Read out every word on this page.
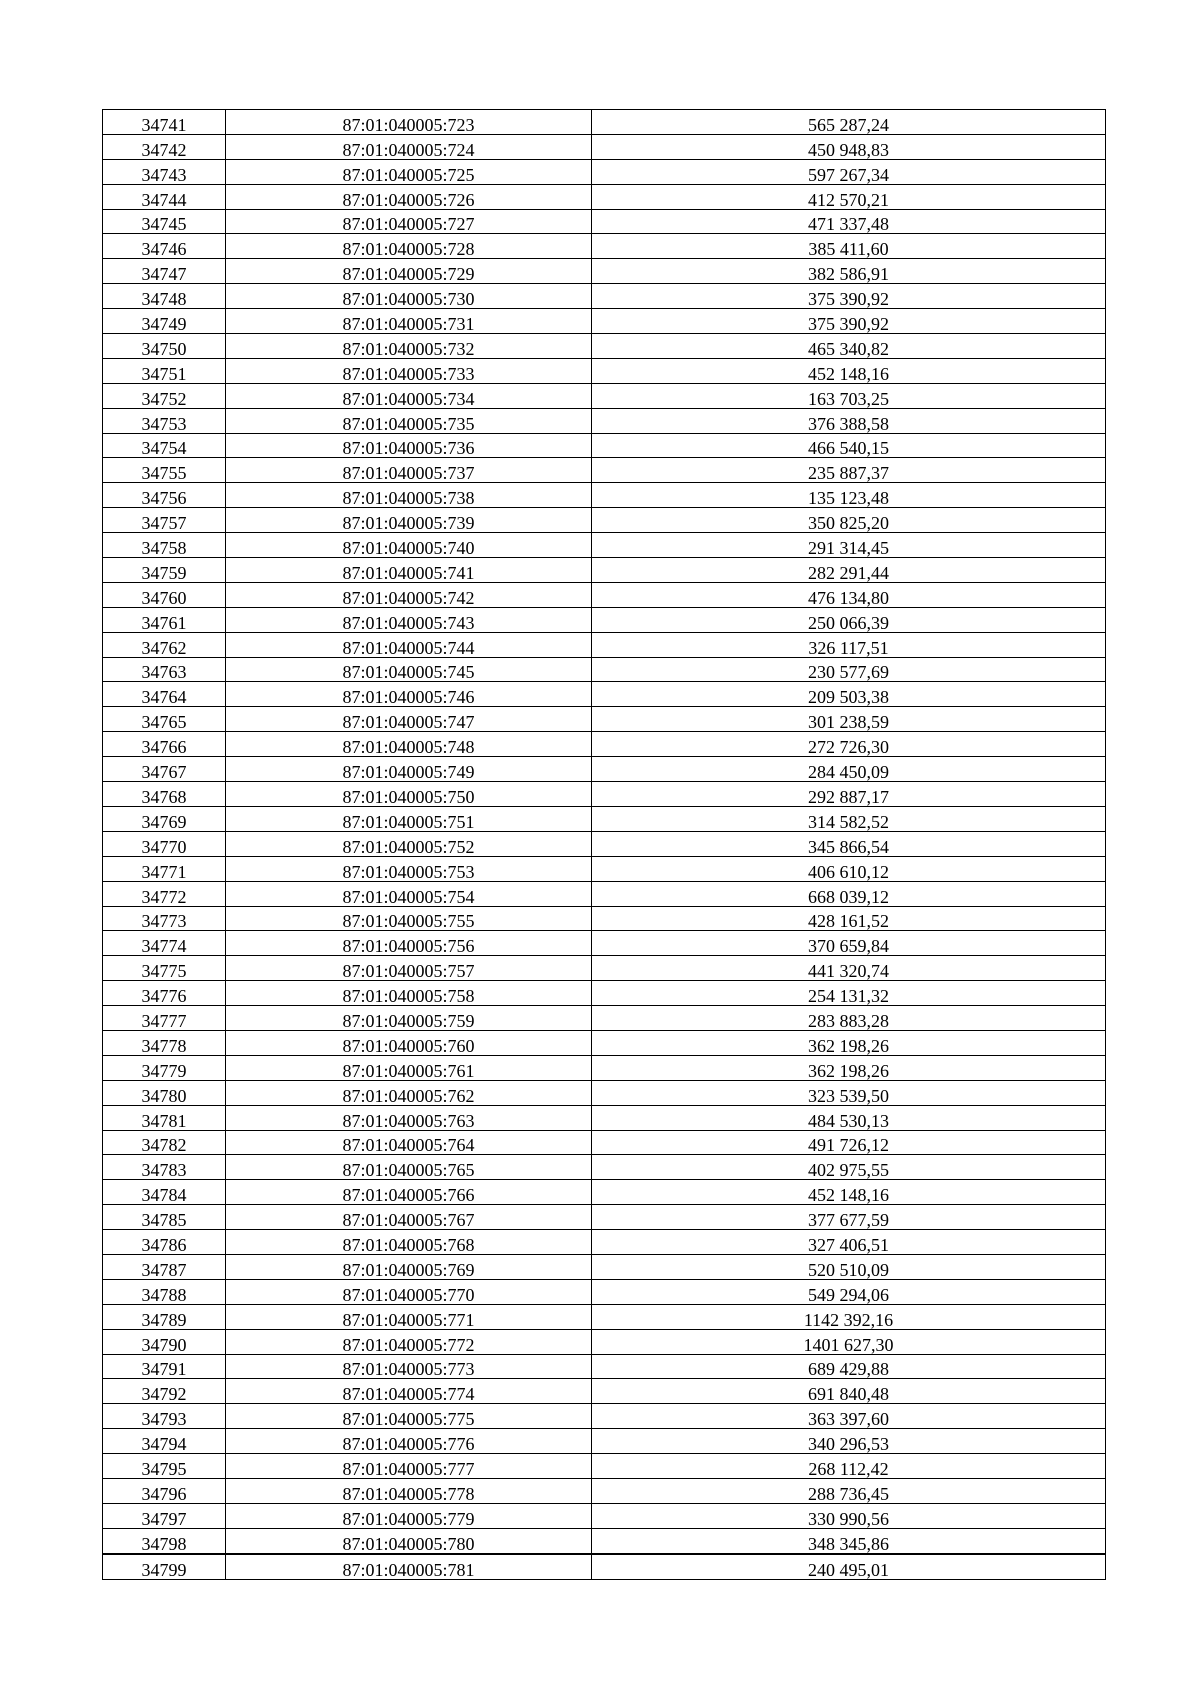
34741	87:01:040005:723	565 287,24
34742	87:01:040005:724	450 948,83
34743	87:01:040005:725	597 267,34
34744	87:01:040005:726	412 570,21
34745	87:01:040005:727	471 337,48
34746	87:01:040005:728	385 411,60
34747	87:01:040005:729	382 586,91
34748	87:01:040005:730	375 390,92
34749	87:01:040005:731	375 390,92
34750	87:01:040005:732	465 340,82
34751	87:01:040005:733	452 148,16
34752	87:01:040005:734	163 703,25
34753	87:01:040005:735	376 388,58
34754	87:01:040005:736	466 540,15
34755	87:01:040005:737	235 887,37
34756	87:01:040005:738	135 123,48
34757	87:01:040005:739	350 825,20
34758	87:01:040005:740	291 314,45
34759	87:01:040005:741	282 291,44
34760	87:01:040005:742	476 134,80
34761	87:01:040005:743	250 066,39
34762	87:01:040005:744	326 117,51
34763	87:01:040005:745	230 577,69
34764	87:01:040005:746	209 503,38
34765	87:01:040005:747	301 238,59
34766	87:01:040005:748	272 726,30
34767	87:01:040005:749	284 450,09
34768	87:01:040005:750	292 887,17
34769	87:01:040005:751	314 582,52
34770	87:01:040005:752	345 866,54
34771	87:01:040005:753	406 610,12
34772	87:01:040005:754	668 039,12
34773	87:01:040005:755	428 161,52
34774	87:01:040005:756	370 659,84
34775	87:01:040005:757	441 320,74
34776	87:01:040005:758	254 131,32
34777	87:01:040005:759	283 883,28
34778	87:01:040005:760	362 198,26
34779	87:01:040005:761	362 198,26
34780	87:01:040005:762	323 539,50
34781	87:01:040005:763	484 530,13
34782	87:01:040005:764	491 726,12
34783	87:01:040005:765	402 975,55
34784	87:01:040005:766	452 148,16
34785	87:01:040005:767	377 677,59
34786	87:01:040005:768	327 406,51
34787	87:01:040005:769	520 510,09
34788	87:01:040005:770	549 294,06
34789	87:01:040005:771	1142 392,16
34790	87:01:040005:772	1401 627,30
34791	87:01:040005:773	689 429,88
34792	87:01:040005:774	691 840,48
34793	87:01:040005:775	363 397,60
34794	87:01:040005:776	340 296,53
34795	87:01:040005:777	268 112,42
34796	87:01:040005:778	288 736,45
34797	87:01:040005:779	330 990,56
34798	87:01:040005:780	348 345,86
34799	87:01:040005:781	240 495,01
